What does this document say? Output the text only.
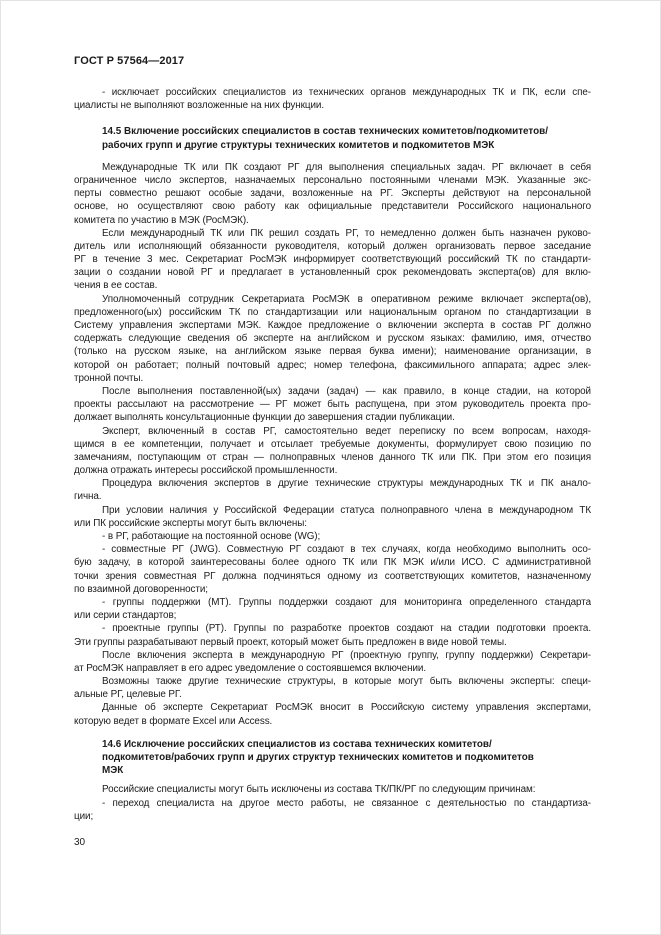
ГОСТ Р 57564—2017
- исключает российских специалистов из технических органов международных ТК и ПК, если спе-
циалисты не выполняют возложенные на них функции.
14.5 Включение российских специалистов в состав технических комитетов/подкомитетов/
рабочих групп и другие структуры технических комитетов и подкомитетов МЭК
Международные ТК или ПК создают РГ для выполнения специальных задач. РГ включает в себя
ограниченное число экспертов, назначаемых персонально постоянными членами МЭК. Указанные экс-
перты совместно решают особые задачи, возложенные на РГ. Эксперты действуют на персональной
основе, но осуществляют свою работу как официальные представители Российского национального
комитета по участию в МЭК (РосМЭК).
Если международный ТК или ПК решил создать РГ, то немедленно должен быть назначен руково-
дитель или исполняющий обязанности руководителя, который должен организовать первое заседание
РГ в течение 3 мес. Секретариат РосМЭК информирует соответствующий российский ТК по стандарти-
зации о создании новой РГ и предлагает в установленный срок рекомендовать эксперта(ов) для вклю-
чения в ее состав.
Уполномоченный сотрудник Секретариата РосМЭК в оперативном режиме включает эксперта(ов),
предложенного(ых) российским ТК по стандартизации или национальным органом по стандартизации в
Систему управления экспертами МЭК. Каждое предложение о включении эксперта в состав РГ должно
содержать следующие сведения об эксперте на английском и русском языках: фамилию, имя, отчество
(только на русском языке, на английском языке первая буква имени); наименование организации, в
которой он работает; полный почтовый адрес; номер телефона, факсимильного аппарата; адрес элек-
тронной почты.
После выполнения поставленной(ых) задачи (задач) — как правило, в конце стадии, на которой
проекты рассылают на рассмотрение — РГ может быть распущена, при этом руководитель проекта про-
должает выполнять консультационные функции до завершения стадии публикации.
Эксперт, включенный в состав РГ, самостоятельно ведет переписку по всем вопросам, находя-
щимся в ее компетенции, получает и отсылает требуемые документы, формулирует свою позицию по
замечаниям, поступающим от стран — полноправных членов данного ТК или ПК. При этом его позиция
должна отражать интересы российской промышленности.
Процедура включения экспертов в другие технические структуры международных ТК и ПК анало-
гична.
При условии наличия у Российской Федерации статуса полноправного члена в международном ТК
или ПК российские эксперты могут быть включены:
- в РГ, работающие на постоянной основе (WG);
- совместные РГ (JWG). Совместную РГ создают в тех случаях, когда необходимо выполнить осо-
бую задачу, в которой заинтересованы более одного ТК или ПК МЭК и/или ИСО. С административной
точки зрения совместная РГ должна подчиняться одному из соответствующих комитетов, назначенному
по взаимной договоренности;
- группы поддержки (МТ). Группы поддержки создают для мониторинга определенного стандарта
или серии стандартов;
- проектные группы (РТ). Группы по разработке проектов создают на стадии подготовки проекта.
Эти группы разрабатывают первый проект, который может быть предложен в виде новой темы.
После включения эксперта в международную РГ (проектную группу, группу поддержки) Секретари-
ат РосМЭК направляет в его адрес уведомление о состоявшемся включении.
Возможны также другие технические структуры, в которые могут быть включены эксперты: специ-
альные РГ, целевые РГ.
Данные об эксперте Секретариат РосМЭК вносит в Российскую систему управления экспертами,
которую ведет в формате Excel или Access.
14.6 Исключение российских специалистов из состава технических комитетов/
подкомитетов/рабочих групп и других структур технических комитетов и подкомитетов
МЭК
Российские специалисты могут быть исключены из состава ТК/ПК/РГ по следующим причинам:
- переход специалиста на другое место работы, не связанное с деятельностью по стандартиза-
ции;
30
